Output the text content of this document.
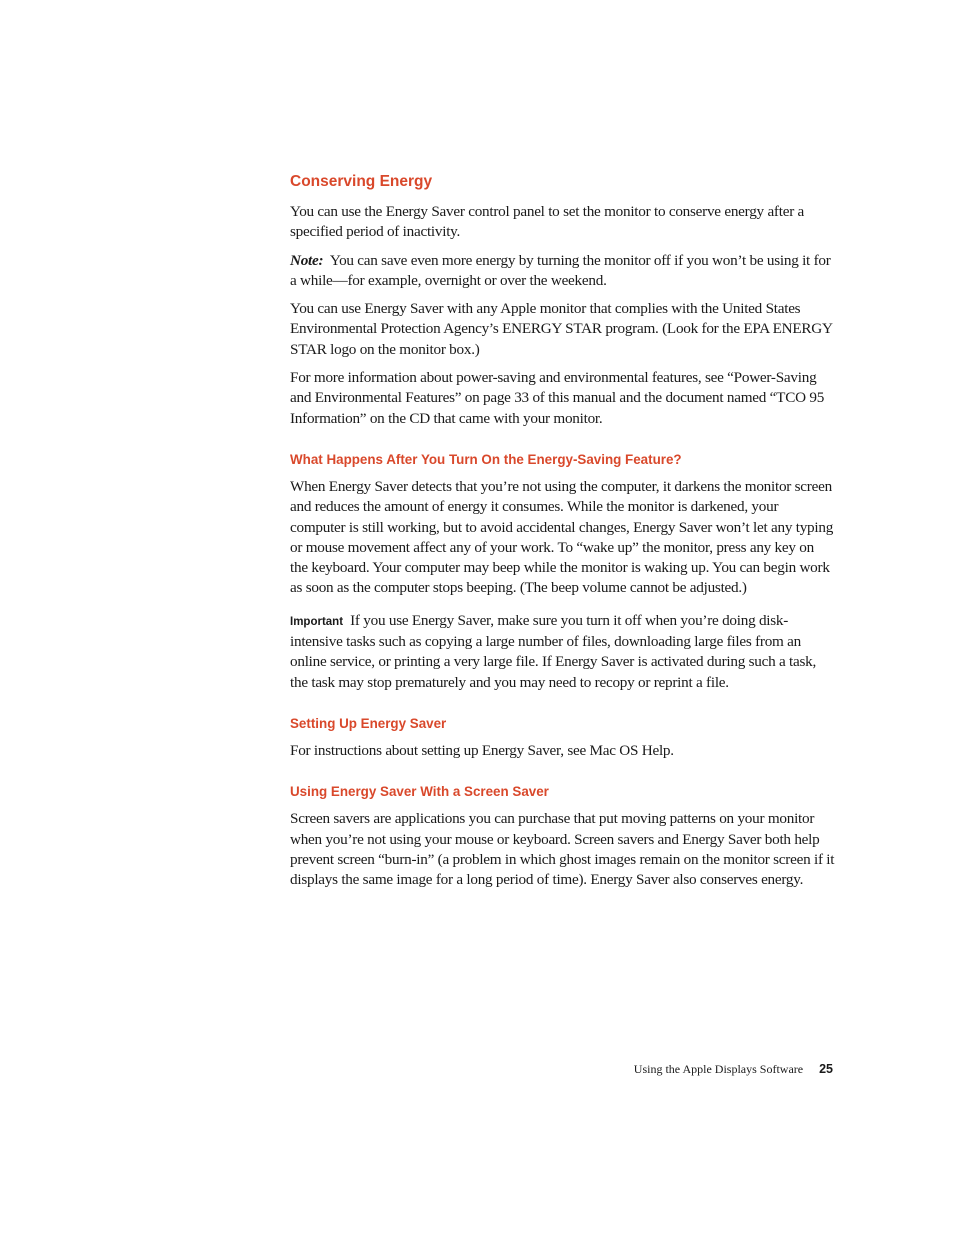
Conserving Energy

You can use the Energy Saver control panel to set the monitor to conserve energy after a specified period of inactivity.

Note: You can save even more energy by turning the monitor off if you won’t be using it for a while—for example, overnight or over the weekend.

You can use Energy Saver with any Apple monitor that complies with the United States Environmental Protection Agency’s ENERGY STAR program. (Look for the EPA ENERGY STAR logo on the monitor box.)

For more information about power-saving and environmental features, see “Power-Saving and Environmental Features” on page 33 of this manual and the document named “TCO 95 Information” on the CD that came with your monitor.

What Happens After You Turn On the Energy-Saving Feature?

When Energy Saver detects that you’re not using the computer, it darkens the monitor screen and reduces the amount of energy it consumes. While the monitor is darkened, your computer is still working, but to avoid accidental changes, Energy Saver won’t let any typing or mouse movement affect any of your work. To “wake up” the monitor, press any key on the keyboard. Your computer may beep while the monitor is waking up. You can begin work as soon as the computer stops beeping. (The beep volume cannot be adjusted.)

Important If you use Energy Saver, make sure you turn it off when you’re doing disk-intensive tasks such as copying a large number of files, downloading large files from an online service, or printing a very large file. If Energy Saver is activated during such a task, the task may stop prematurely and you may need to recopy or reprint a file.

Setting Up Energy Saver

For instructions about setting up Energy Saver, see Mac OS Help.

Using Energy Saver With a Screen Saver

Screen savers are applications you can purchase that put moving patterns on your monitor when you’re not using your mouse or keyboard. Screen savers and Energy Saver both help prevent screen “burn-in” (a problem in which ghost images remain on the monitor screen if it displays the same image for a long period of time). Energy Saver also conserves energy.

Using the Apple Displays Software 25
